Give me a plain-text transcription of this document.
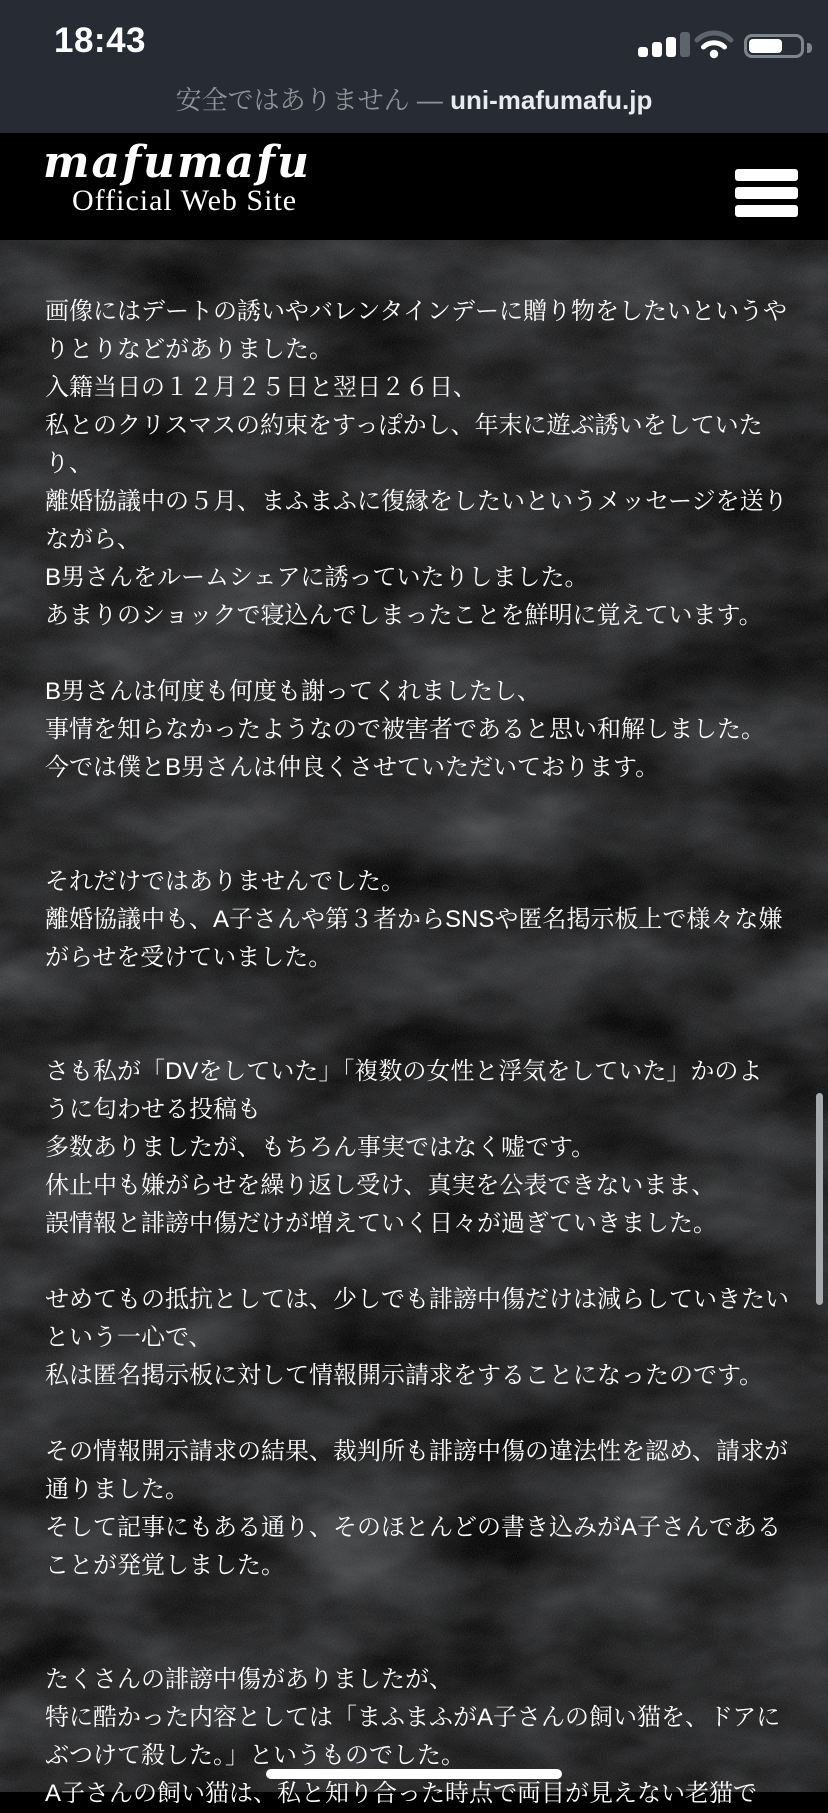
18:43
安全ではありません — uni-mafumafu.jp
mafumafu
Official Web Site
画像にはデートの誘いやバレンタインデーに贈り物をしたいというや
りとりなどがありました。
入籍当日の１２月２５日と翌日２６日、
私とのクリスマスの約束をすっぽかし、年末に遊ぶ誘いをしていた
り、
離婚協議中の５月、まふまふに復縁をしたいというメッセージを送り
ながら、
B男さんをルームシェアに誘っていたりしました。
あまりのショックで寝込んでしまったことを鮮明に覚えています。
B男さんは何度も何度も謝ってくれましたし、
事情を知らなかったようなので被害者であると思い和解しました。
今では僕とB男さんは仲良くさせていただいております。
それだけではありませんでした。
離婚協議中も、A子さんや第３者からSNSや匿名掲示板上で様々な嫌
がらせを受けていました。
さも私が「DVをしていた」「複数の女性と浮気をしていた」かのよ
うに匂わせる投稿も
多数ありましたが、もちろん事実ではなく嘘です。
休止中も嫌がらせを繰り返し受け、真実を公表できないまま、
誤情報と誹謗中傷だけが増えていく日々が過ぎていきました。
せめてもの抵抗としては、少しでも誹謗中傷だけは減らしていきたい
という一心で、
私は匿名掲示板に対して情報開示請求をすることになったのです。
その情報開示請求の結果、裁判所も誹謗中傷の違法性を認め、請求が
通りました。
そして記事にもある通り、そのほとんどの書き込みがA子さんである
ことが発覚しました。
たくさんの誹謗中傷がありましたが、
特に酷かった内容としては「まふまふがA子さんの飼い猫を、ドアに
ぶつけて殺した。」というものでした。
A子さんの飼い猫は、私と知り合った時点で両目が見えない老猫で
